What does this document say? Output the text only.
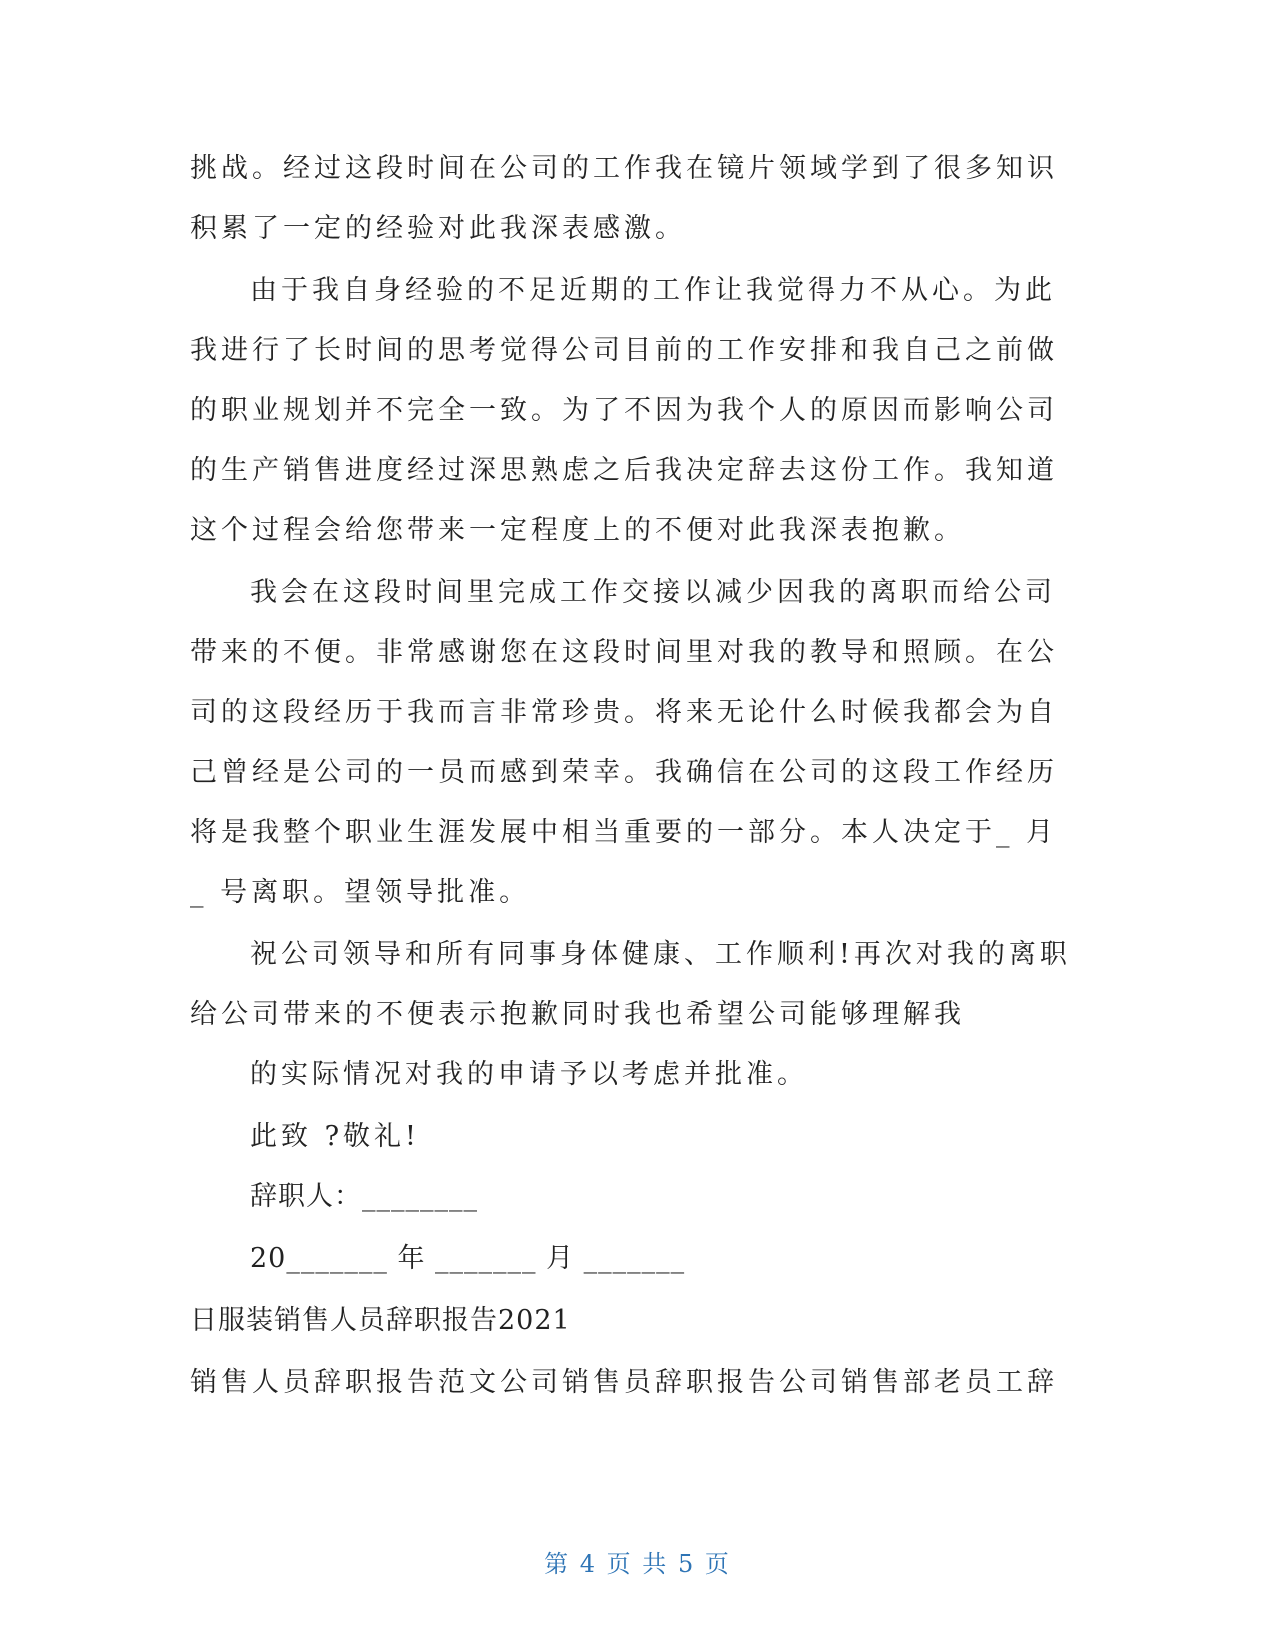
挑战。经过这段时间在公司的工作我在镜片领域学到了很多知识
积累了一定的经验对此我深表感激。
由于我自身经验的不足近期的工作让我觉得力不从心。为此
我进行了长时间的思考觉得公司目前的工作安排和我自己之前做
的职业规划并不完全一致。为了不因为我个人的原因而影响公司
的生产销售进度经过深思熟虑之后我决定辞去这份工作。我知道
这个过程会给您带来一定程度上的不便对此我深表抱歉。
我会在这段时间里完成工作交接以减少因我的离职而给公司
带来的不便。非常感谢您在这段时间里对我的教导和照顾。在公
司的这段经历于我而言非常珍贵。将来无论什么时候我都会为自
己曾经是公司的一员而感到荣幸。我确信在公司的这段工作经历
将是我整个职业生涯发展中相当重要的一部分。本人决定于_ 月
_ 号离职。望领导批准。
祝公司领导和所有同事身体健康、工作顺利!再次对我的离职
给公司带来的不便表示抱歉同时我也希望公司能够理解我
的实际情况对我的申请予以考虑并批准。
此致 ?敬礼!
辞职人：________
20_______ 年 _______ 月 _______
日服装销售人员辞职报告2021
销售人员辞职报告范文公司销售员辞职报告公司销售部老员工辞
第 4 页 共 5 页
